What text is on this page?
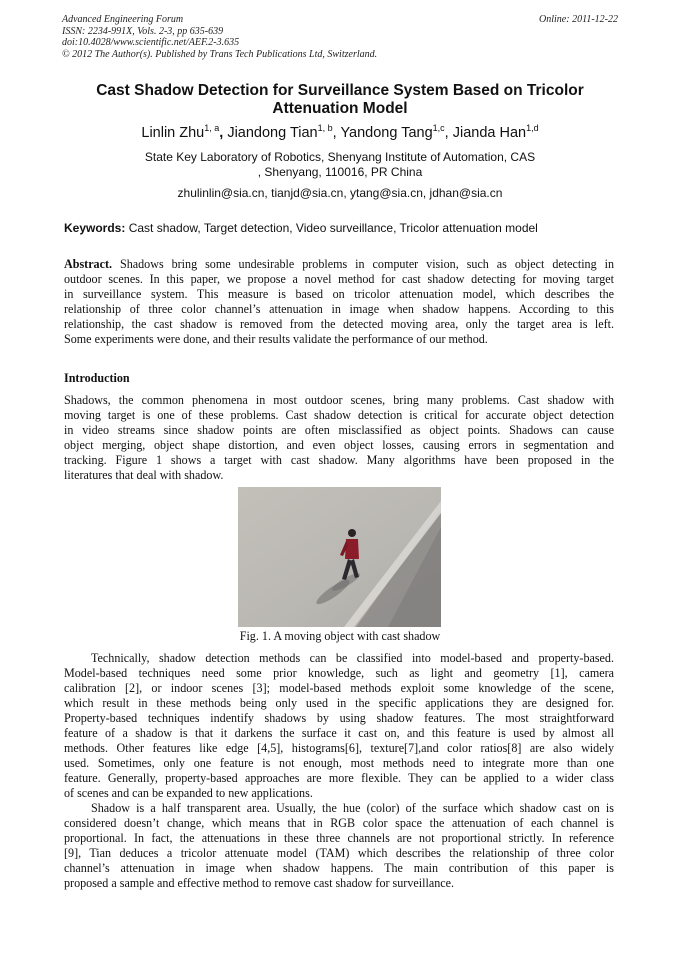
Advanced Engineering Forum
ISSN: 2234-991X, Vols. 2-3, pp 635-639
doi:10.4028/www.scientific.net/AEF.2-3.635
© 2012 The Author(s). Published by Trans Tech Publications Ltd, Switzerland.
Online: 2011-12-22
Cast Shadow Detection for Surveillance System Based on Tricolor
Attenuation Model
Linlin Zhu$^{1, a}$, Jiandong Tian$^{1, b}$, Yandong Tang$^{1,c}$, Jianda Han$^{1,d}$
State Key Laboratory of Robotics, Shenyang Institute of Automation, CAS
, Shenyang, 110016, PR China
zhulinlin@sia.cn, tianjd@sia.cn, ytang@sia.cn, jdhan@sia.cn
Keywords: Cast shadow, Target detection, Video surveillance, Tricolor attenuation model
Abstract. Shadows bring some undesirable problems in computer vision, such as object detecting in
outdoor scenes. In this paper, we propose a novel method for cast shadow detecting for moving target
in surveillance system. This measure is based on tricolor attenuation model, which describes the
relationship of three color channel’s attenuation in image when shadow happens. According to this
relationship, the cast shadow is removed from the detected moving area, only the target area is left.
Some experiments were done, and their results validate the performance of our method.
Introduction
Shadows, the common phenomena in most outdoor scenes, bring many problems. Cast shadow with
moving target is one of these problems. Cast shadow detection is critical for accurate object detection
in video streams since shadow points are often misclassified as object points. Shadows can cause
object merging, object shape distortion, and even object losses, causing errors in segmentation and
tracking. Figure 1 shows a target with cast shadow. Many algorithms have been proposed in the
literatures that deal with shadow.
Fig. 1. A moving object with cast shadow
Technically, shadow detection methods can be classified into model-based and property-based.
Model-based techniques need some prior knowledge, such as light and geometry [1], camera
calibration [2], or indoor scenes [3]; model-based methods exploit some knowledge of the scene,
which result in these methods being only used in the specific applications they are designed for.
Property-based techniques indentify shadows by using shadow features. The most straightforward
feature of a shadow is that it darkens the surface it cast on, and this feature is used by almost all
methods. Other features like edge [4,5], histograms[6], texture[7],and color ratios[8] are also widely
used. Sometimes, only one feature is not enough, most methods need to integrate more than one
feature. Generally, property-based approaches are more flexible. They can be applied to a wider class
of scenes and can be expanded to new applications.
Shadow is a half transparent area. Usually, the hue (color) of the surface which shadow cast on is
considered doesn’t change, which means that in RGB color space the attenuation of each channel is
proportional. In fact, the attenuations in these three channels are not proportional strictly. In reference
[9], Tian deduces a tricolor attenuate model (TAM) which describes the relationship of three color
channel’s attenuation in image when shadow happens. The main contribution of this paper is
proposed a sample and effective method to remove cast shadow for surveillance.
